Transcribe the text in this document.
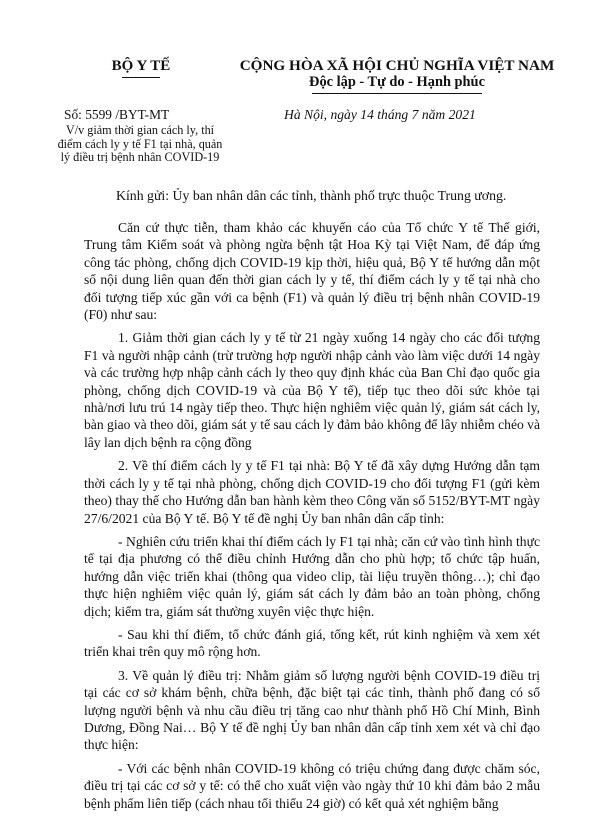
BỘ Y TẾ	CỘNG HÒA XÃ HỘI CHỦ NGHĨA VIỆT NAM
Độc lập - Tự do - Hạnh phúc
Số: 5599 /BYT-MT
V/v giảm thời gian cách ly, thí điểm cách ly y tế F1 tại nhà, quản lý điều trị bệnh nhân COVID-19
Hà Nội, ngày 14 tháng 7 năm 2021
Kính gửi: Ủy ban nhân dân các tỉnh, thành phố trực thuộc Trung ương.

Căn cứ thực tiễn, tham khảo các khuyến cáo của Tổ chức Y tế Thế giới, Trung tâm Kiểm soát và phòng ngừa bệnh tật Hoa Kỳ tại Việt Nam, để đáp ứng công tác phòng, chống dịch COVID-19 kịp thời, hiệu quả, Bộ Y tế hướng dẫn một số nội dung liên quan đến thời gian cách ly y tế, thí điểm cách ly y tế tại nhà cho đối tượng tiếp xúc gần với ca bệnh (F1) và quản lý điều trị bệnh nhân COVID-19 (F0) như sau:

1. Giảm thời gian cách ly y tế từ 21 ngày xuống 14 ngày cho các đối tượng F1 và người nhập cảnh (trừ trường hợp người nhập cảnh vào làm việc dưới 14 ngày và các trường hợp nhập cảnh cách ly theo quy định khác của Ban Chỉ đạo quốc gia phòng, chống dịch COVID-19 và của Bộ Y tế), tiếp tục theo dõi sức khỏe tại nhà/nơi lưu trú 14 ngày tiếp theo. Thực hiện nghiêm việc quản lý, giám sát cách ly, bàn giao và theo dõi, giám sát y tế sau cách ly đảm bảo không để lây nhiễm chéo và lây lan dịch bệnh ra cộng đồng

2. Về thí điểm cách ly y tế F1 tại nhà: Bộ Y tế đã xây dựng Hướng dẫn tạm thời cách ly y tế tại nhà phòng, chống dịch COVID-19 cho đối tượng F1 (gửi kèm theo) thay thế cho Hướng dẫn ban hành kèm theo Công văn số 5152/BYT-MT ngày 27/6/2021 của Bộ Y tế. Bộ Y tế đề nghị Ủy ban nhân dân cấp tỉnh:

- Nghiên cứu triển khai thí điểm cách ly F1 tại nhà; căn cứ vào tình hình thực tế tại địa phương có thể điều chỉnh Hướng dẫn cho phù hợp; tổ chức tập huấn, hướng dẫn việc triển khai (thông qua video clip, tài liệu truyền thông…); chỉ đạo thực hiện nghiêm việc quản lý, giám sát cách ly đảm bảo an toàn phòng, chống dịch; kiểm tra, giám sát thường xuyên việc thực hiện.

- Sau khi thí điểm, tổ chức đánh giá, tổng kết, rút kinh nghiệm và xem xét triển khai trên quy mô rộng hơn.

3. Về quản lý điều trị: Nhằm giảm số lượng người bệnh COVID-19 điều trị tại các cơ sở khám bệnh, chữa bệnh, đặc biệt tại các tỉnh, thành phố đang có số lượng người bệnh và nhu cầu điều trị tăng cao như thành phố Hồ Chí Minh, Bình Dương, Đồng Nai… Bộ Y tế đề nghị Ủy ban nhân dân cấp tỉnh xem xét và chỉ đạo thực hiện:

- Với các bệnh nhân COVID-19 không có triệu chứng đang được chăm sóc, điều trị tại các cơ sở y tế: có thể cho xuất viện vào ngày thứ 10 khi đảm bảo 2 mẫu bệnh phẩm liên tiếp (cách nhau tối thiểu 24 giờ) có kết quả xét nghiệm bằng
